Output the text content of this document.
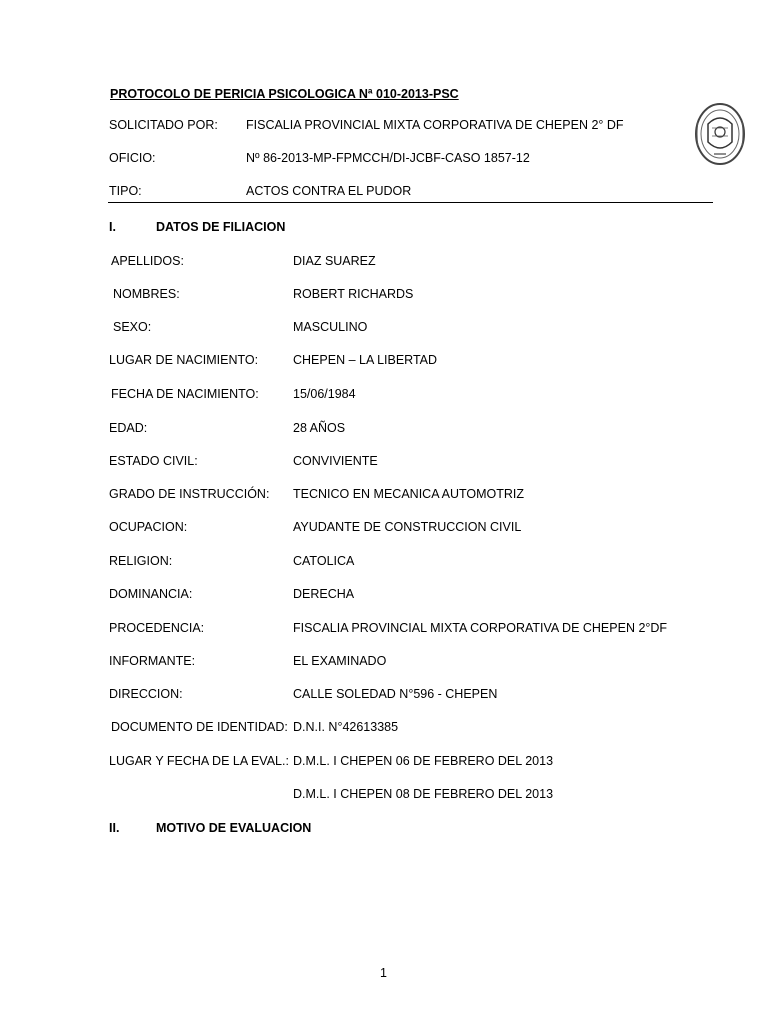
PROTOCOLO DE PERICIA PSICOLOGICA Nª 010-2013-PSC
SOLICITADO POR: FISCALIA PROVINCIAL MIXTA CORPORATIVA DE CHEPEN 2° DF
OFICIO:	Nº 86-2013-MP-FPMCCH/DI-JCBF-CASO 1857-12
TIPO:	ACTOS CONTRA EL PUDOR
I.	DATOS DE FILIACION
APELLIDOS:	DIAZ SUAREZ
NOMBRES:	ROBERT RICHARDS
SEXO:	MASCULINO
LUGAR DE NACIMIENTO:	CHEPEN – LA LIBERTAD
FECHA DE NACIMIENTO:	15/06/1984
EDAD:	28 AÑOS
ESTADO CIVIL:	CONVIVIENTE
GRADO DE INSTRUCCIÓN: TECNICO EN MECANICA AUTOMOTRIZ
OCUPACION:	AYUDANTE DE CONSTRUCCION CIVIL
RELIGION:	CATOLICA
DOMINANCIA:	DERECHA
PROCEDENCIA:	FISCALIA PROVINCIAL MIXTA CORPORATIVA DE CHEPEN 2°DF
INFORMANTE:	EL EXAMINADO
DIRECCION:	CALLE SOLEDAD N°596 - CHEPEN
DOCUMENTO DE IDENTIDAD: D.N.I. N°42613385
LUGAR Y FECHA DE LA EVAL.: D.M.L. I CHEPEN 06 DE FEBRERO DEL 2013
D.M.L. I CHEPEN 08 DE FEBRERO DEL 2013
II.	MOTIVO DE EVALUACION
1
